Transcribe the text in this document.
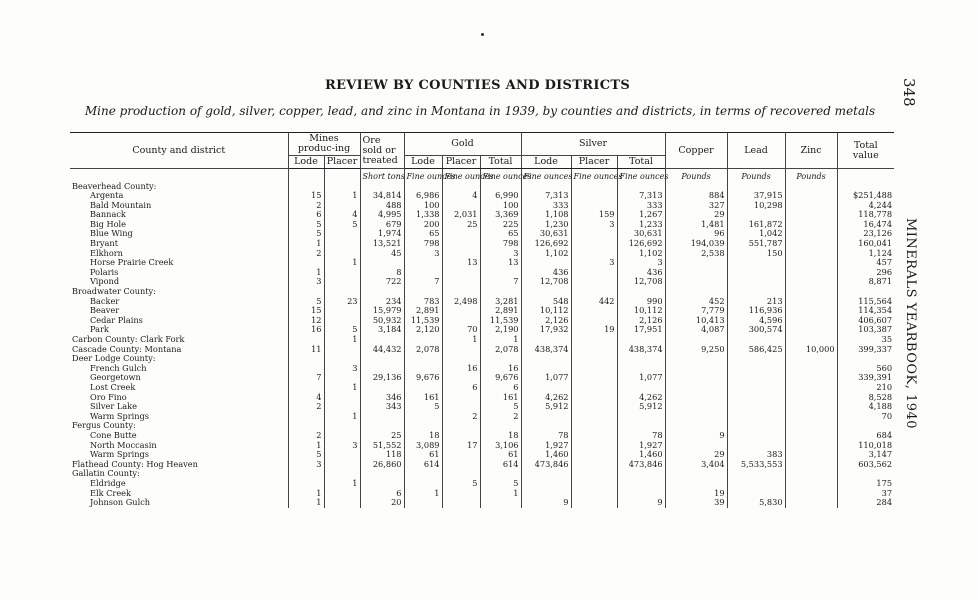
REVIEW BY COUNTIES AND DISTRICTS
Mine production of gold, silver, copper, lead, and zinc in Montana in 1939, by counties and districts, in terms of recovered metals
348
MINERALS YEARBOOK, 1940
County and district	Mines produc-ing		Ore sold or treated	Gold			Silver			Copper	Lead	Zinc	Total value
	Lode	Placer		Lode	Placer	Total	Lode	Placer	Total				
			Short tons	Fine ounces	Fine ounces	Fine ounces	Fine ounces	Fine ounces	Fine ounces	Pounds	Pounds	Pounds	
Beaverhead County:													
Argenta	15	1	34,814	6,986	4	6,990	7,313		7,313	884	37,915		$251,488
Bald Mountain	2		488	100		100	333		333	327	10,298		4,244
Bannack	6	4	4,995	1,338	2,031	3,369	1,108	159	1,267	29			118,778
Big Hole	5	5	679	200	25	225	1,230	3	1,233	1,481	161,872		16,474
Blue Wing	5		1,974	65		65	30,631		30,631	96	1,042		23,126
Bryant	1		13,521	798		798	126,692		126,692	194,039	551,787		160,041
Elkhorn	2		45	3		3	1,102		1,102	2,538	150		1,124
Horse Prairie Creek		1			13	13		3	3				457
Polaris	1		8				436		436				296
Vipond	3		722	7		7	12,708		12,708				8,871
Broadwater County:													
Backer	5	23	234	783	2,498	3,281	548	442	990	452	213		115,564
Beaver	15		15,979	2,891		2,891	10,112		10,112	7,779	116,936		114,354
Cedar Plains	12		50,932	11,539		11,539	2,126		2,126	10,413	4,596		406,607
Park	16	5	3,184	2,120	70	2,190	17,932	19	17,951	4,087	300,574		103,387
Carbon County: Clark Fork		1			1	1							35
Cascade County: Montana	11		44,432	2,078		2,078	438,374		438,374	9,250	586,425	10,000	399,337
Deer Lodge County:													
French Gulch		3			16	16							560
Georgetown	7		29,136	9,676		9,676	1,077		1,077				339,391
Lost Creek		1			6	6							210
Oro Fino	4		346	161		161	4,262		4,262				8,528
Silver Lake	2		343	5		5	5,912		5,912				4,188
Warm Springs		1			2	2							70
Fergus County:													
Cone Butte	2		25	18		18	78		78	9			684
North Moccasin	1	3	51,552	3,089	17	3,106	1,927		1,927				110,018
Warm Springs	5		118	61		61	1,460		1,460	29	383		3,147
Flathead County: Hog Heaven	3		26,860	614		614	473,846		473,846	3,404	5,533,553		603,562
Gallatin County:													
Eldridge		1			5	5							175
Elk Creek	1		6	1		1				19			37
Johnson Gulch	1		20				9		9	39	5,830		284
